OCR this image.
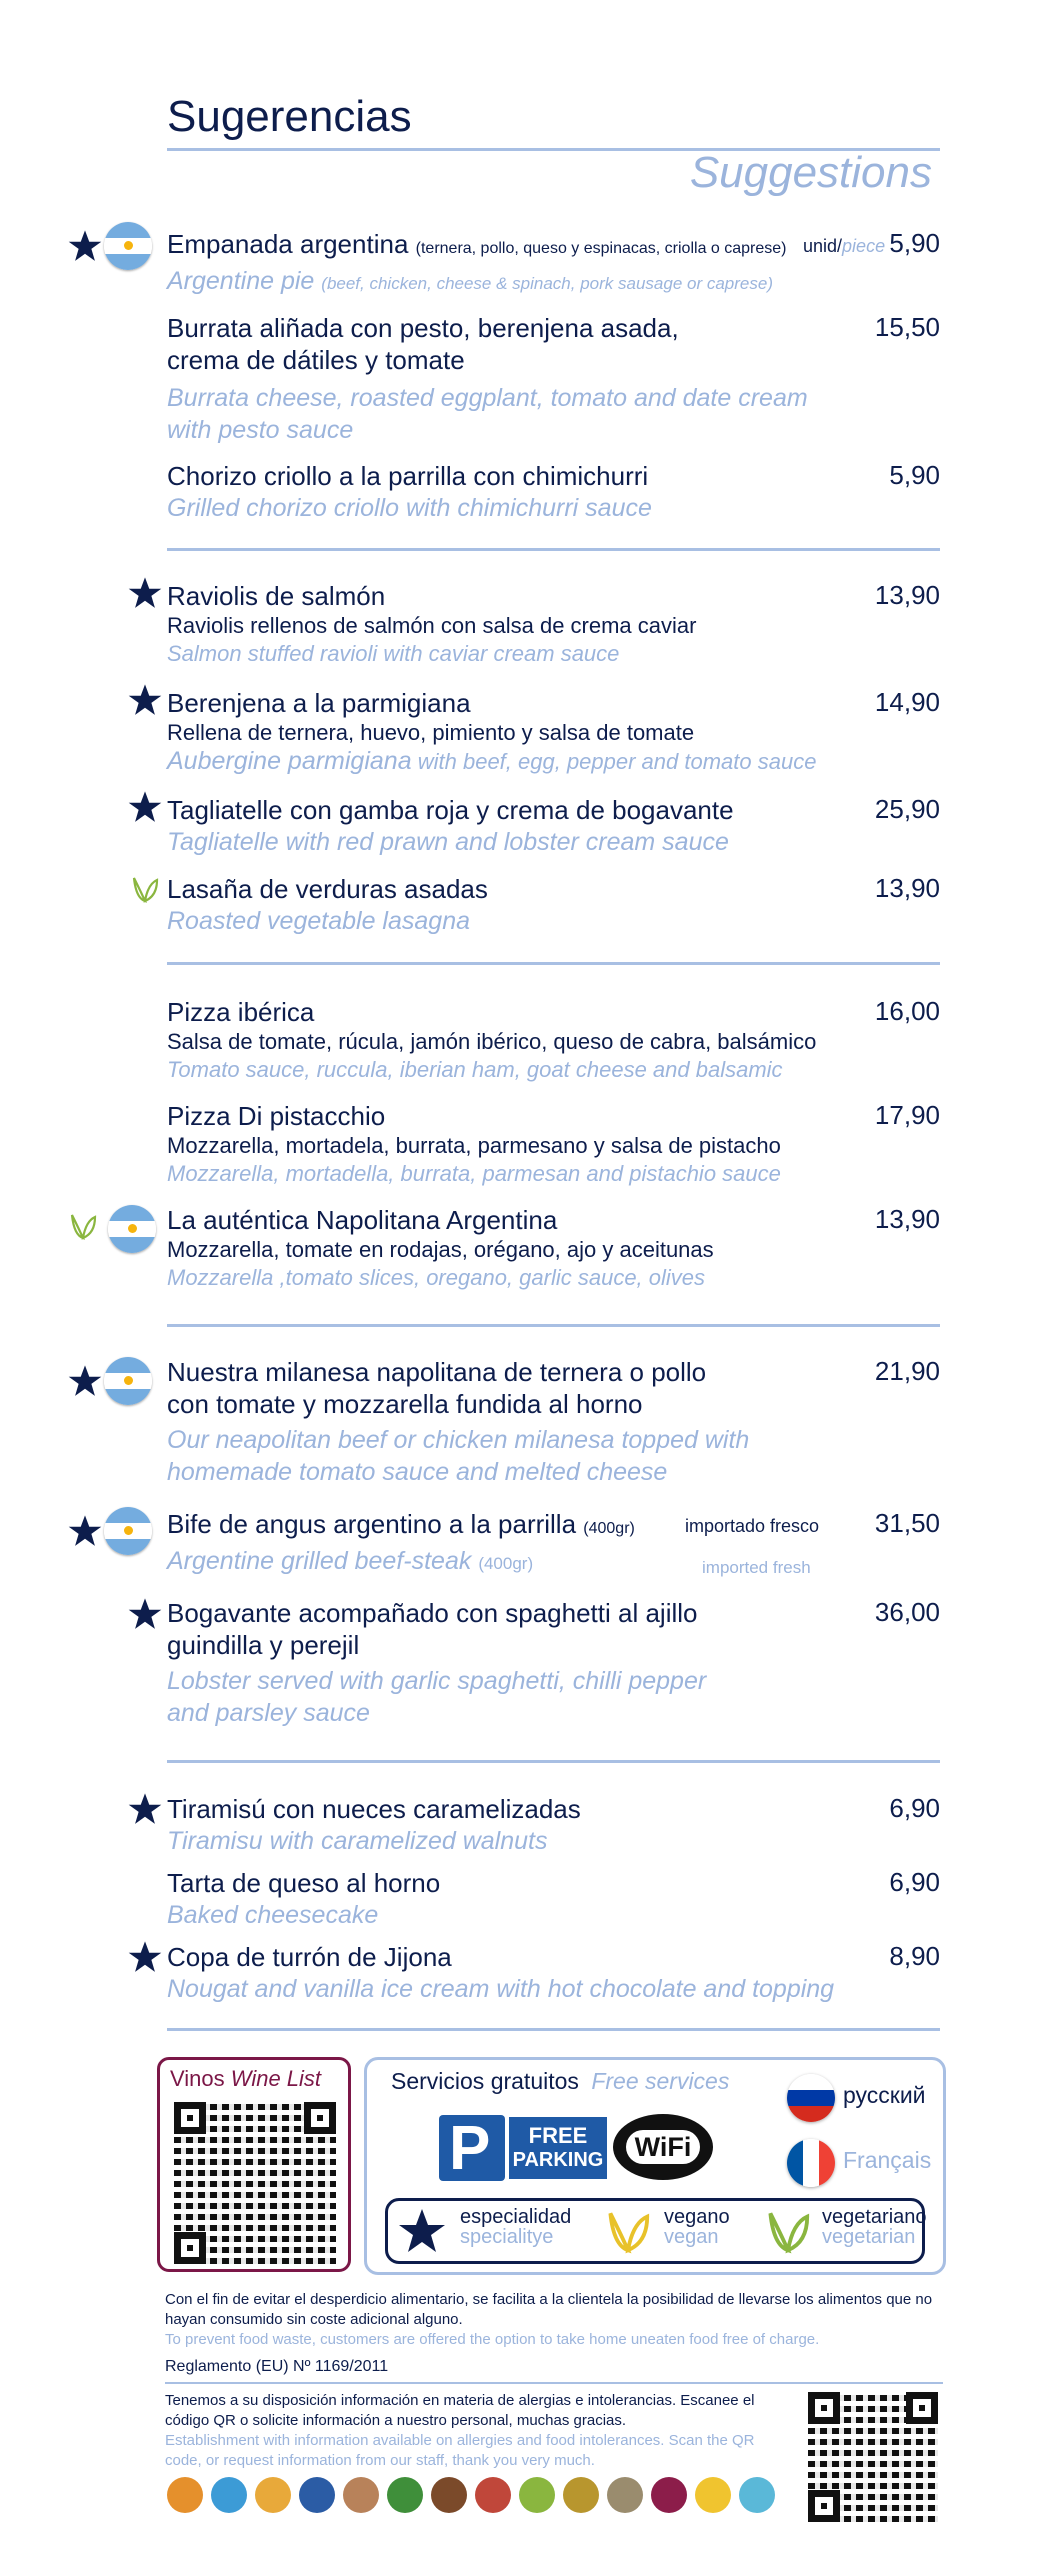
Sugerencias
Suggestions
Empanada argentina (ternera, pollo, queso y espinacas, criolla o caprese) unid/piece
Argentine pie (beef, chicken, cheese & spinach, pork sausage or caprese)
5,90
Burrata aliñada con pesto, berenjena asada,
crema de dátiles y tomate
Burrata cheese, roasted eggplant, tomato and date cream
with pesto sauce
15,50
Chorizo criollo a la parrilla con chimichurri
Grilled chorizo criollo with chimichurri sauce
5,90
Raviolis de salmón
Raviolis rellenos de salmón con salsa de crema caviar
Salmon stuffed ravioli with caviar cream sauce
13,90
Berenjena a la parmigiana
Rellena de ternera, huevo, pimiento y salsa de tomate
Aubergine parmigiana with beef, egg, pepper and tomato sauce
14,90
Tagliatelle con gamba roja y crema de bogavante
Tagliatelle with red prawn and lobster cream sauce
25,90
Lasaña de verduras asadas
Roasted vegetable lasagna
13,90
Pizza ibérica
Salsa de tomate, rúcula, jamón ibérico, queso de cabra, balsámico
Tomato sauce, ruccula, iberian ham, goat cheese and balsamic
16,00
Pizza Di pistacchio
Mozzarella, mortadela, burrata, parmesano y salsa de pistacho
Mozzarella, mortadella, burrata, parmesan and pistachio sauce
17,90
La auténtica Napolitana Argentina
Mozzarella, tomate en rodajas, orégano, ajo y aceitunas
Mozzarella ,tomato slices, oregano, garlic sauce, olives
13,90
Nuestra milanesa napolitana de ternera o pollo
con tomate y mozzarella fundida al horno
Our neapolitan beef or chicken milanesa topped with
homemade tomato sauce and melted cheese
21,90
Bife de angus argentino a la parrilla (400gr)	importado fresco
Argentine grilled beef-steak (400gr)	imported fresh
31,50
Bogavante acompañado con spaghetti al ajillo
guindilla y perejil
Lobster served with garlic spaghetti, chilli pepper
and parsley sauce
36,00
Tiramisú con nueces caramelizadas
Tiramisu with caramelized walnuts
6,90
Tarta de queso al horno
Baked cheesecake
6,90
Copa de turrón de Jijona
Nougat and vanilla ice cream with hot chocolate and topping
8,90
Vinos Wine List	Servicios gratuitos Free services
P	FREE
PARKING	WiFi
русский
Français
especialidad
specialitye
vegano
vegan
vegetariano
vegetarian
Con el fin de evitar el desperdicio alimentario, se facilita a la clientela la posibilidad de llevarse los alimentos que no hayan consumido sin coste adicional alguno.
To prevent food waste, customers are offered the option to take home uneaten food free of charge.
Reglamento (EU) Nº 1169/2011
Tenemos a su disposición información en materia de alergias e intolerancias. Escanee el código QR o solicite información a nuestro personal, muchas gracias.
Establishment with information available on allergies and food intolerances. Scan the QR code, or request information from our staff, thank you very much.
